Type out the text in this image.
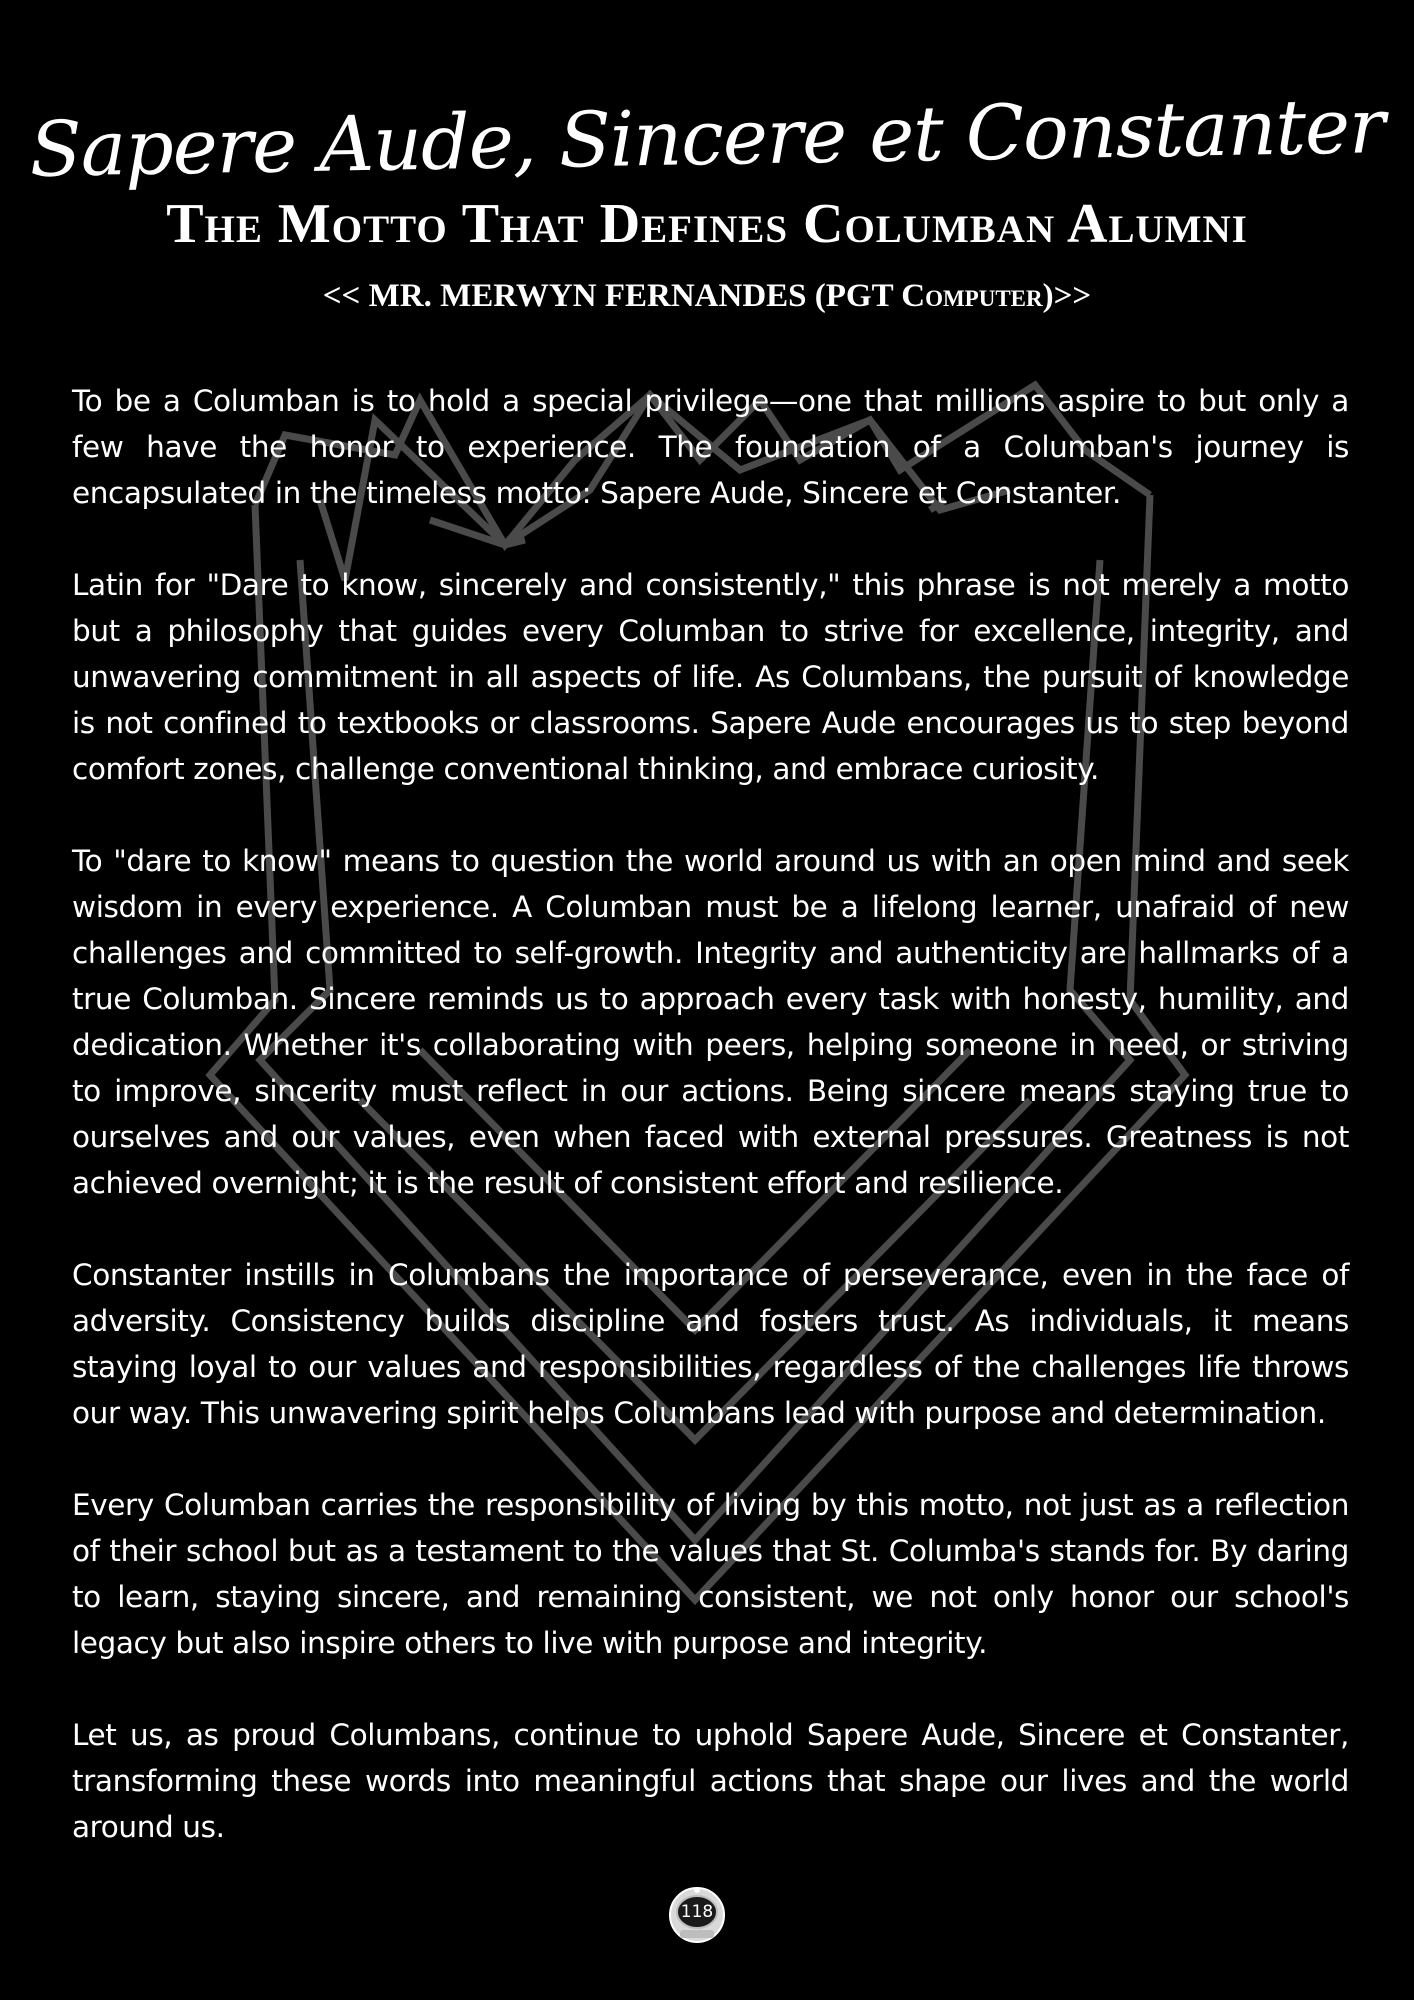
Sapere Aude, Sincere et Constanter
The Motto That Defines Columban Alumni
<< MR. MERWYN FERNANDES (PGT Computer)>>

To be a Columban is to hold a special privilege—one that millions aspire to but only a few have the honor to experience. The foundation of a Columban's journey is encapsulated in the timeless motto: Sapere Aude, Sincere et Constanter.

Latin for "Dare to know, sincerely and consistently," this phrase is not merely a motto but a philosophy that guides every Columban to strive for excellence, integrity, and unwavering commitment in all aspects of life. As Columbans, the pursuit of knowledge is not confined to textbooks or classrooms. Sapere Aude encourages us to step beyond comfort zones, challenge conventional thinking, and embrace curiosity.

To "dare to know" means to question the world around us with an open mind and seek wisdom in every experience. A Columban must be a lifelong learner, unafraid of new challenges and committed to self-growth. Integrity and authenticity are hallmarks of a true Columban. Sincere reminds us to approach every task with honesty, humility, and dedication. Whether it's collaborating with peers, helping someone in need, or striving to improve, sincerity must reflect in our actions. Being sincere means staying true to ourselves and our values, even when faced with external pressures. Greatness is not achieved overnight; it is the result of consistent effort and resilience.

Constanter instills in Columbans the importance of perseverance, even in the face of adversity. Consistency builds discipline and fosters trust. As individuals, it means staying loyal to our values and responsibilities, regardless of the challenges life throws our way. This unwavering spirit helps Columbans lead with purpose and determination.

Every Columban carries the responsibility of living by this motto, not just as a reflection of their school but as a testament to the values that St. Columba's stands for. By daring to learn, staying sincere, and remaining consistent, we not only honor our school's legacy but also inspire others to live with purpose and integrity.

Let us, as proud Columbans, continue to uphold Sapere Aude, Sincere et Constanter, transforming these words into meaningful actions that shape our lives and the world around us.

118
